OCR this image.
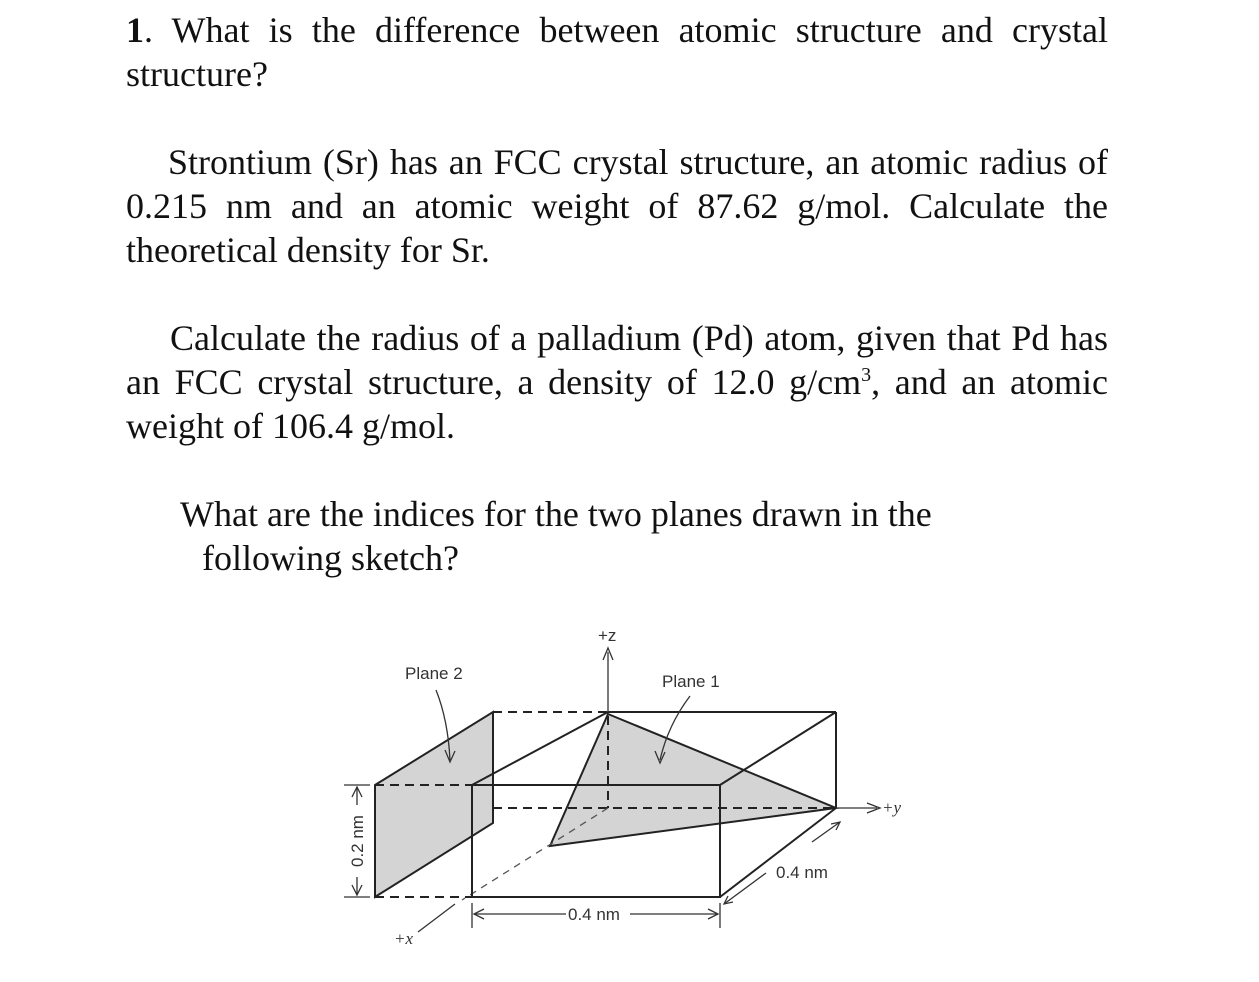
1. What is the difference between atomic structure and crystal structure?

Strontium (Sr) has an FCC crystal structure, an atomic radius of 0.215 nm and an atomic weight of 87.62 g/mol. Calculate the theoretical density for Sr.

Calculate the radius of a palladium (Pd) atom, given that Pd has an FCC crystal structure, a density of 12.0 $g/cm^3$, and an atomic weight of 106.4 g/mol.

What are the indices for the two planes drawn in the
following sketch?

Plane 2	Plane 1
+z
+y
+x
0.4 nm
0.4 nm
0.2 nm
